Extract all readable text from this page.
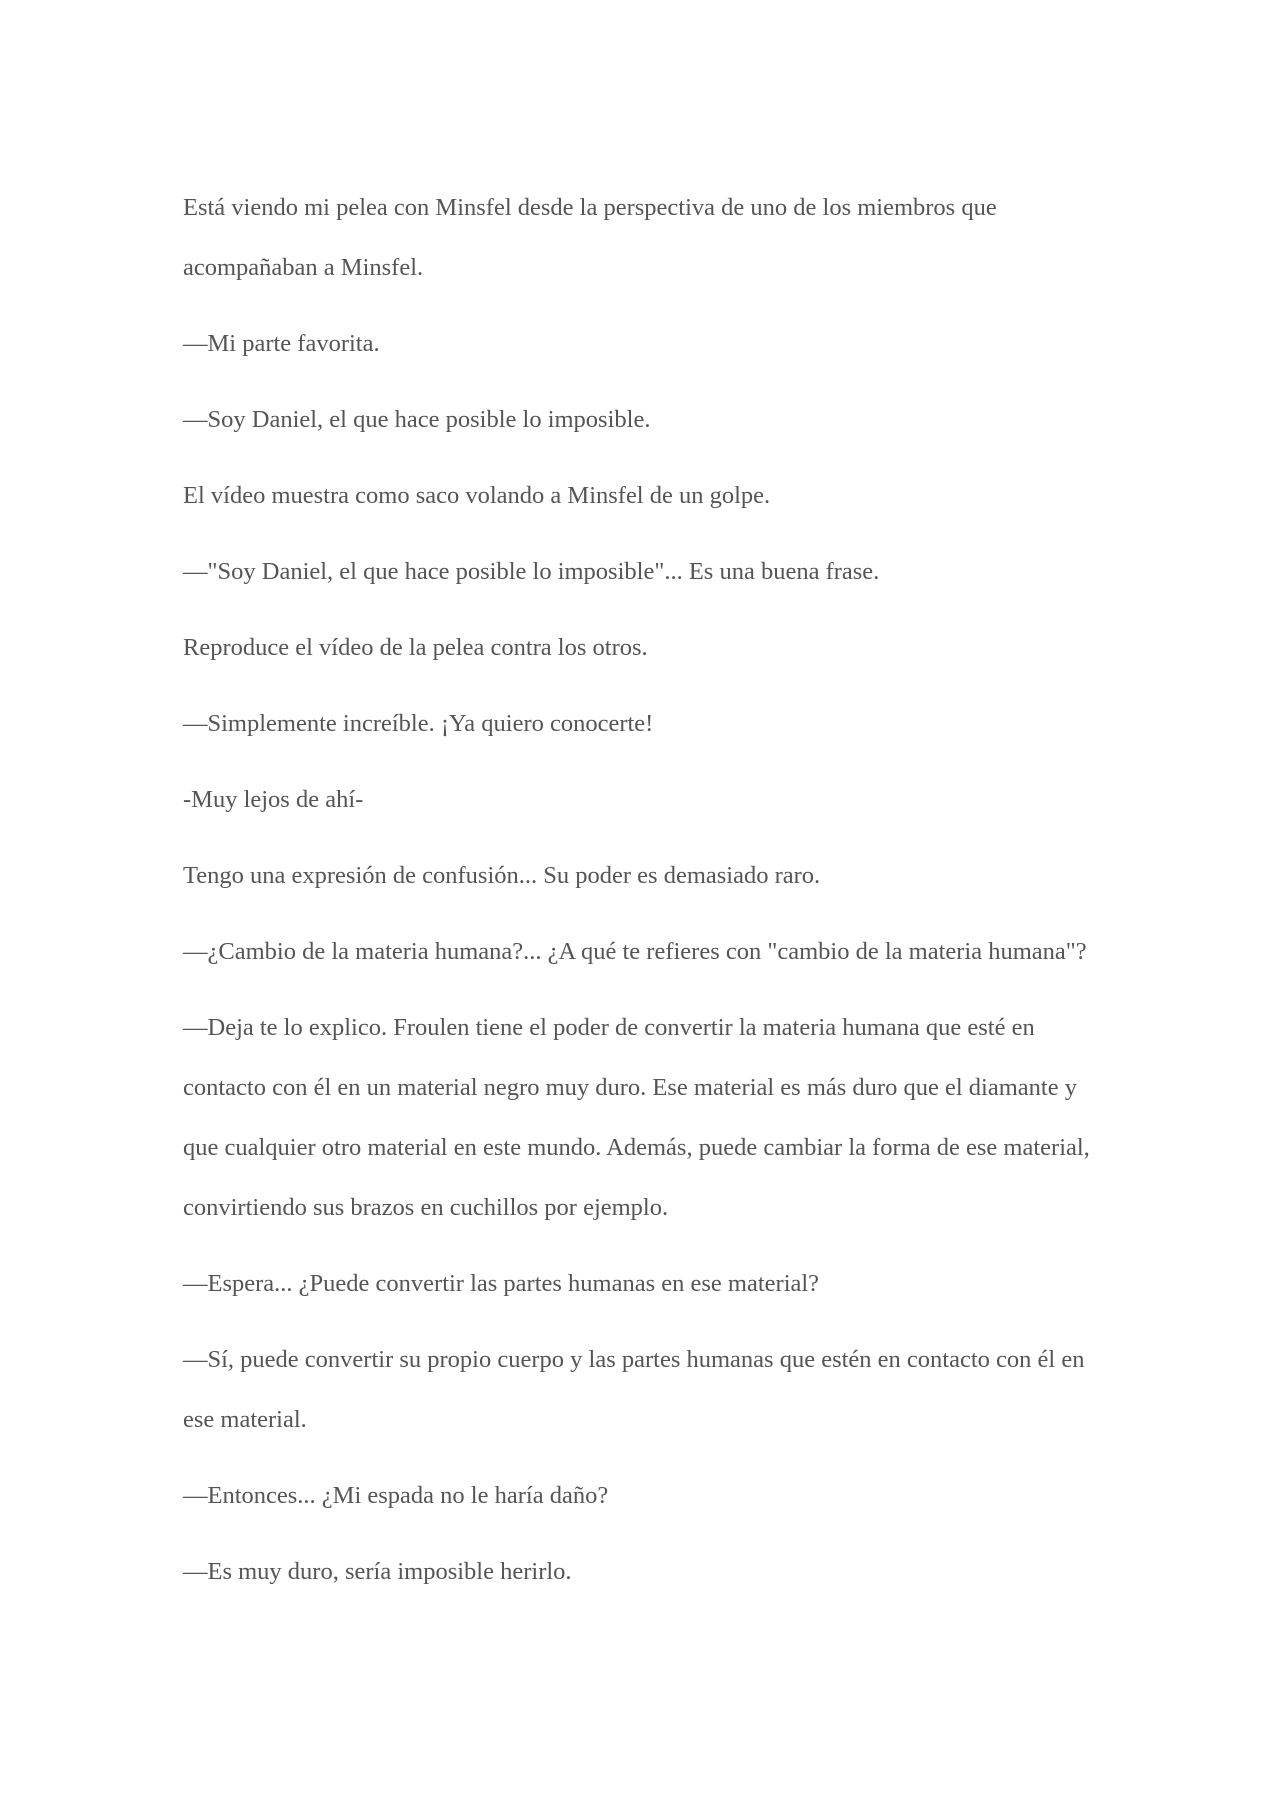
Está viendo mi pelea con Minsfel desde la perspectiva de uno de los miembros que acompañaban a Minsfel.

—Mi parte favorita.

—Soy Daniel, el que hace posible lo imposible.

El vídeo muestra como saco volando a Minsfel de un golpe.

—"Soy Daniel, el que hace posible lo imposible"... Es una buena frase.

Reproduce el vídeo de la pelea contra los otros.

—Simplemente increíble. ¡Ya quiero conocerte!

-Muy lejos de ahí-

Tengo una expresión de confusión... Su poder es demasiado raro.

—¿Cambio de la materia humana?... ¿A qué te refieres con "cambio de la materia humana"?

—Deja te lo explico. Froulen tiene el poder de convertir la materia humana que esté en contacto con él en un material negro muy duro. Ese material es más duro que el diamante y que cualquier otro material en este mundo. Además, puede cambiar la forma de ese material, convirtiendo sus brazos en cuchillos por ejemplo.

—Espera... ¿Puede convertir las partes humanas en ese material?

—Sí, puede convertir su propio cuerpo y las partes humanas que estén en contacto con él en ese material.

—Entonces... ¿Mi espada no le haría daño?

—Es muy duro, sería imposible herirlo.
